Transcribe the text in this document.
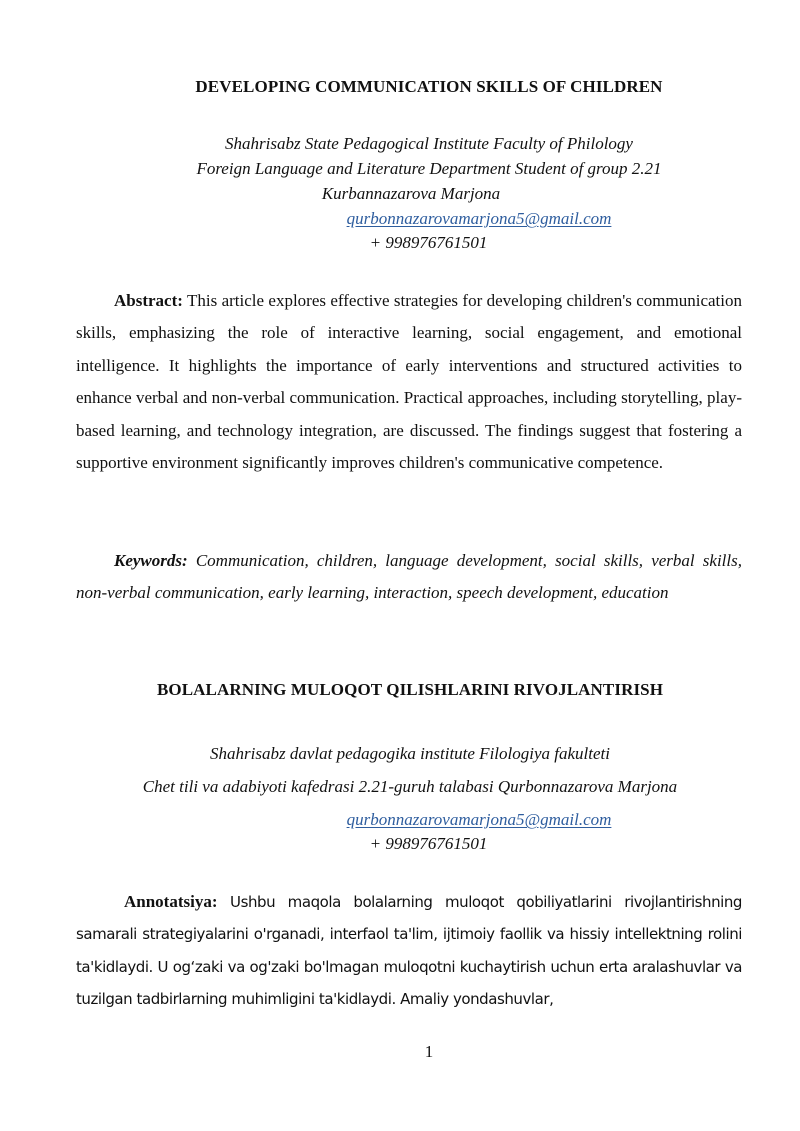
DEVELOPING COMMUNICATION SKILLS OF CHILDREN
Shahrisabz State Pedagogical Institute Faculty of Philology
Foreign Language and Literature Department Student of group 2.21
Kurbannazarova Marjona
qurbonnazarovamarjona5@gmail.com
+ 998976761501

Abstract: This article explores effective strategies for developing children's communication skills, emphasizing the role of interactive learning, social engagement, and emotional intelligence. It highlights the importance of early interventions and structured activities to enhance verbal and non-verbal communication. Practical approaches, including storytelling, play-based learning, and technology integration, are discussed. The findings suggest that fostering a supportive environment significantly improves children's communicative competence.

Keywords: Communication, children, language development, social skills, verbal skills, non-verbal communication, early learning, interaction, speech development, education

BOLALARNING MULOQOT QILISHLARINI RIVOJLANTIRISH
Shahrisabz davlat pedagogika institute Filologiya fakulteti
Chet tili va adabiyoti kafedrasi 2.21-guruh talabasi Qurbonnazarova Marjona
qurbonnazarovamarjona5@gmail.com
+ 998976761501

Annotatsiya: Ushbu maqola bolalarning muloqot qobiliyatlarini rivojlantirishning samarali strategiyalarini o'rganadi, interfaol ta'lim, ijtimoiy faollik va hissiy intellektning rolini ta'kidlaydi. U og‘zaki va og'zaki bo'lmagan muloqotni kuchaytirish uchun erta aralashuvlar va tuzilgan tadbirlarning muhimligini ta'kidlaydi. Amaliy yondashuvlar,

1
